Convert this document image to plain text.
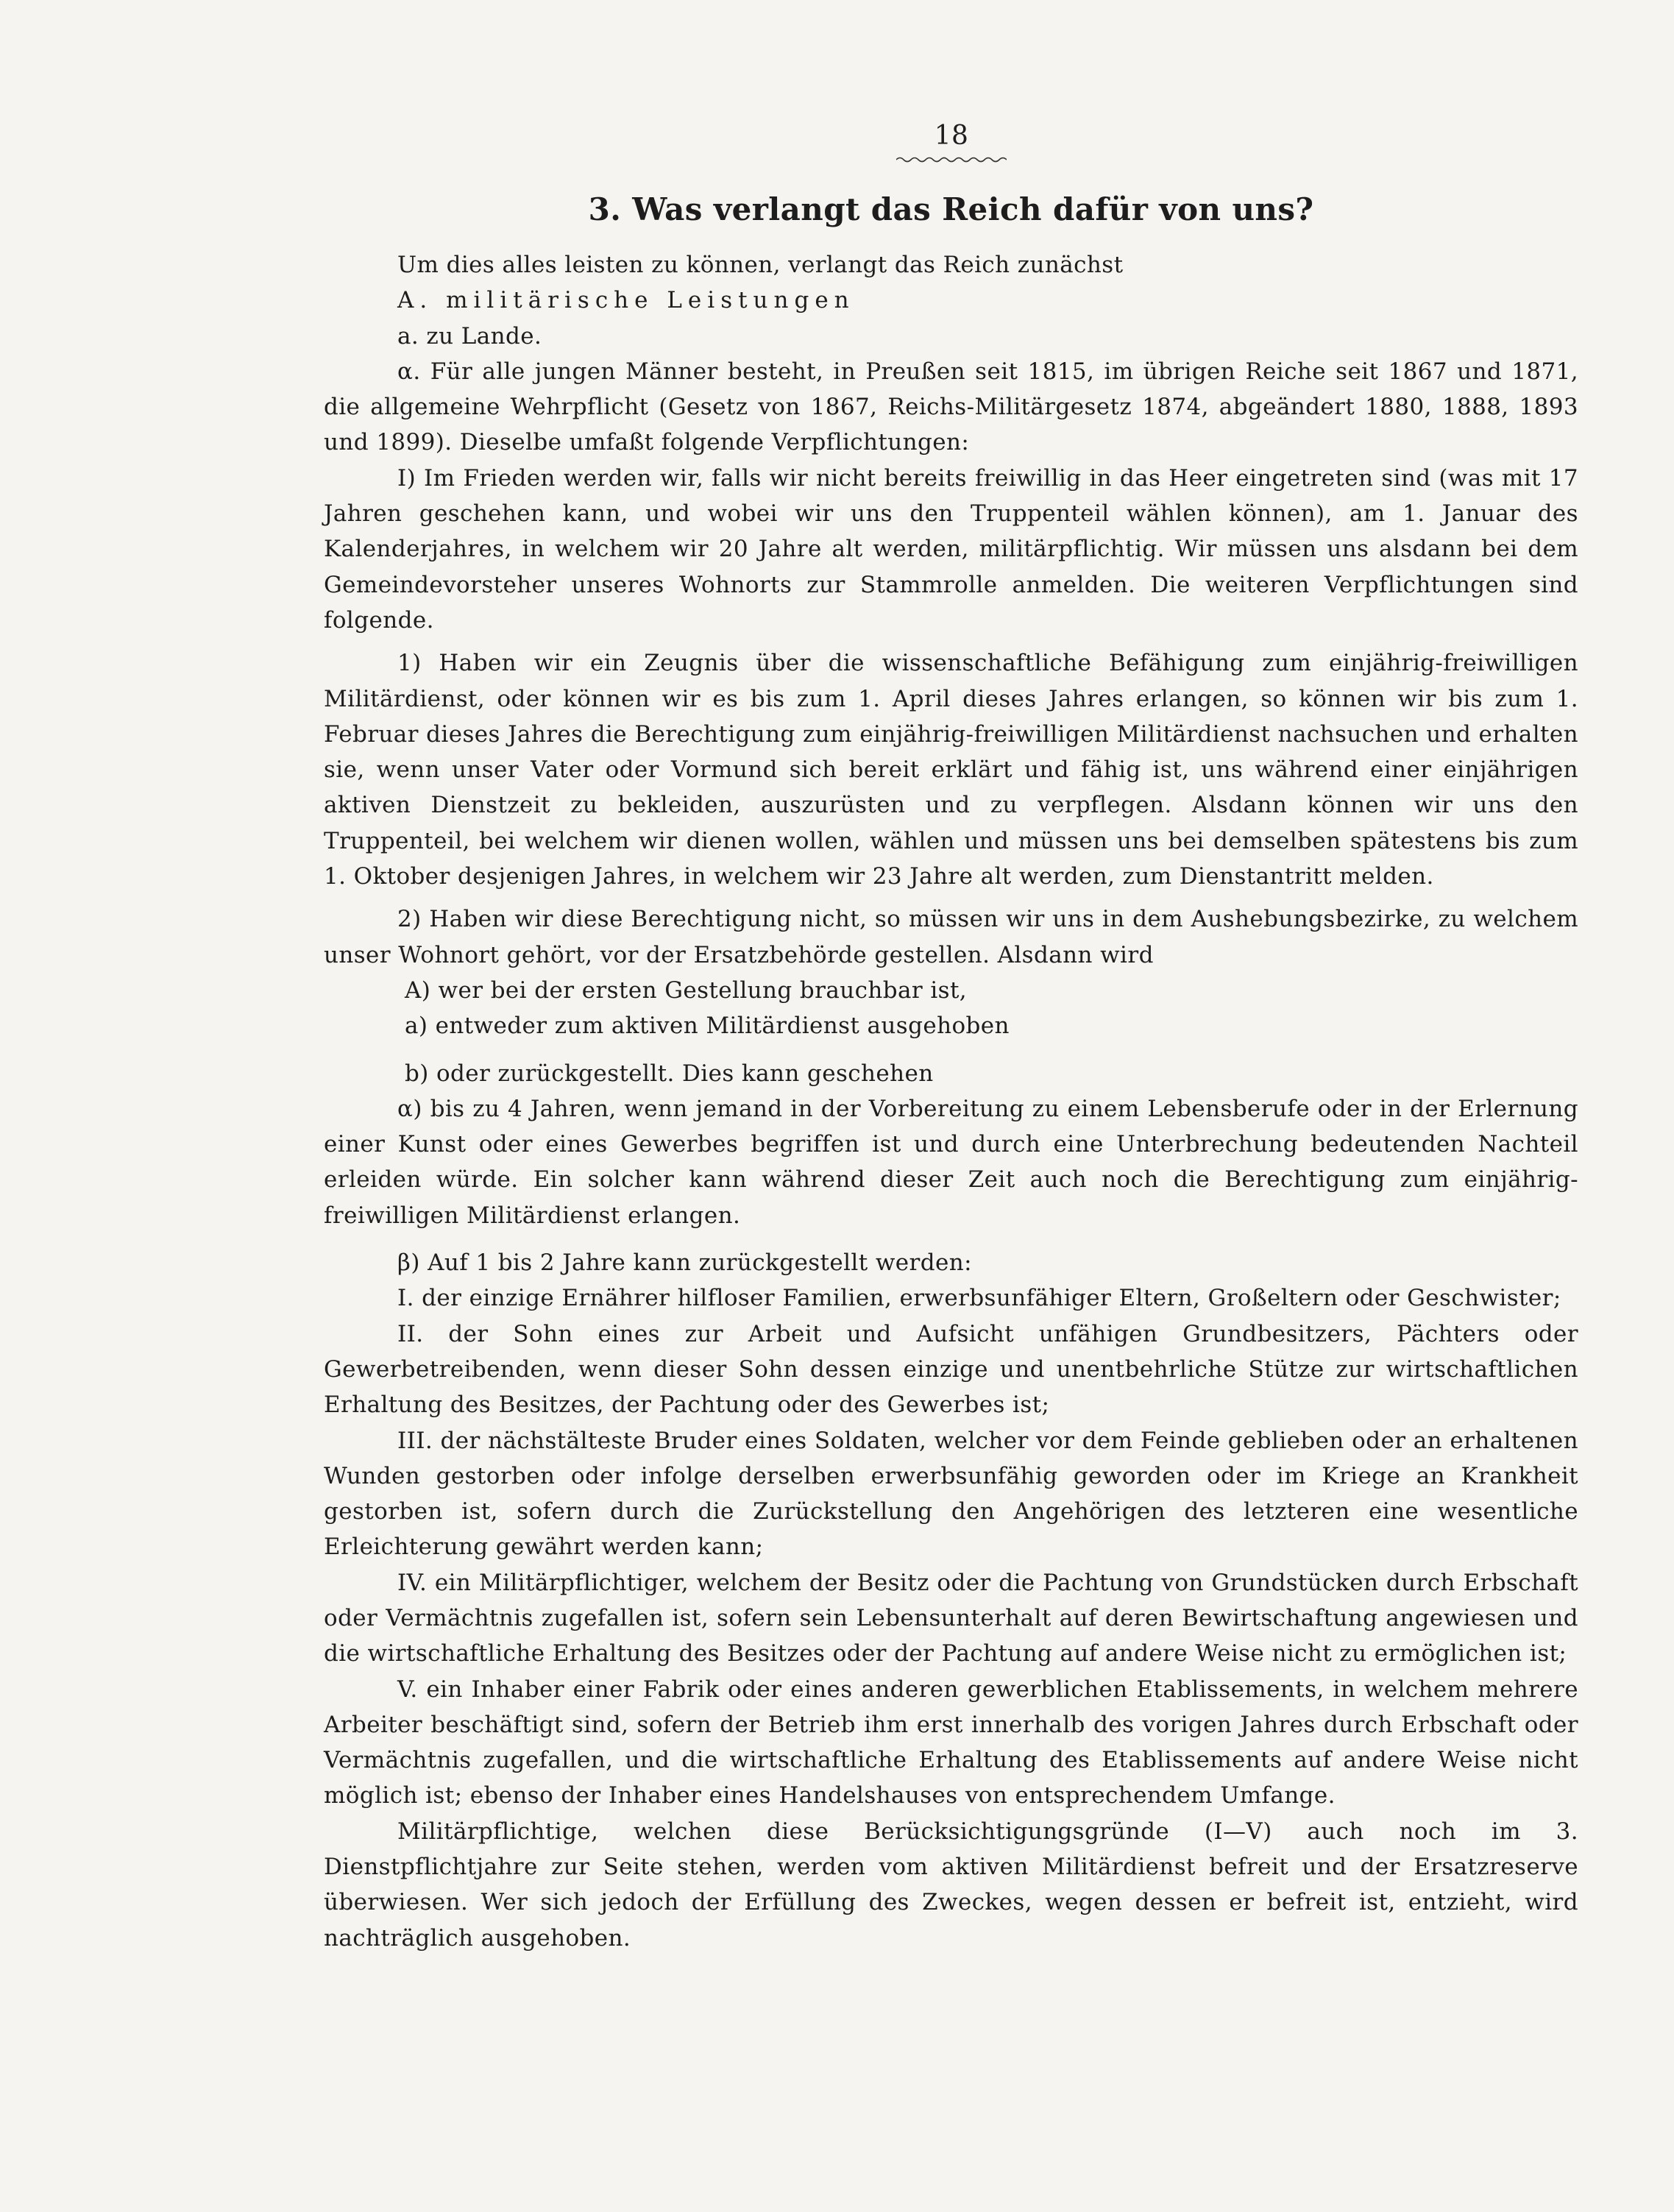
18
3. Was verlangt das Reich dafür von uns?

Um dies alles leisten zu können, verlangt das Reich zunächst

A. militärische Leistungen

a. zu Lande.

α. Für alle jungen Männer besteht, in Preußen seit 1815, im übrigen Reiche seit 1867 und 1871, die allgemeine Wehrpflicht (Gesetz von 1867, Reichs-Militärgesetz 1874, abgeändert 1880, 1888, 1893 und 1899). Dieselbe umfaßt folgende Verpflichtungen:

I) Im Frieden werden wir, falls wir nicht bereits freiwillig in das Heer eingetreten sind (was mit 17 Jahren geschehen kann, und wobei wir uns den Truppenteil wählen können), am 1. Januar des Kalenderjahres, in welchem wir 20 Jahre alt werden, militärpflichtig. Wir müssen uns alsdann bei dem Gemeindevorsteher unseres Wohnorts zur Stammrolle anmelden. Die weiteren Verpflichtungen sind folgende.

1) Haben wir ein Zeugnis über die wissenschaftliche Befähigung zum einjährig-freiwilligen Militärdienst, oder können wir es bis zum 1. April dieses Jahres erlangen, so können wir bis zum 1. Februar dieses Jahres die Berechtigung zum einjährig-freiwilligen Militärdienst nachsuchen und erhalten sie, wenn unser Vater oder Vormund sich bereit erklärt und fähig ist, uns während einer einjährigen aktiven Dienstzeit zu bekleiden, auszurüsten und zu verpflegen. Alsdann können wir uns den Truppenteil, bei welchem wir dienen wollen, wählen und müssen uns bei demselben spätestens bis zum 1. Oktober desjenigen Jahres, in welchem wir 23 Jahre alt werden, zum Dienstantritt melden.

2) Haben wir diese Berechtigung nicht, so müssen wir uns in dem Aushebungsbezirke, zu welchem unser Wohnort gehört, vor der Ersatzbehörde gestellen. Alsdann wird

A) wer bei der ersten Gestellung brauchbar ist,

a) entweder zum aktiven Militärdienst ausgehoben

b) oder zurückgestellt. Dies kann geschehen

α) bis zu 4 Jahren, wenn jemand in der Vorbereitung zu einem Lebensberufe oder in der Erlernung einer Kunst oder eines Gewerbes begriffen ist und durch eine Unterbrechung bedeutenden Nachteil erleiden würde. Ein solcher kann während dieser Zeit auch noch die Berechtigung zum einjährig-freiwilligen Militärdienst erlangen.

β) Auf 1 bis 2 Jahre kann zurückgestellt werden:

I. der einzige Ernährer hilfloser Familien, erwerbsunfähiger Eltern, Großeltern oder Geschwister;

II. der Sohn eines zur Arbeit und Aufsicht unfähigen Grundbesitzers, Pächters oder Gewerbetreibenden, wenn dieser Sohn dessen einzige und unentbehrliche Stütze zur wirtschaftlichen Erhaltung des Besitzes, der Pachtung oder des Gewerbes ist;

III. der nächstälteste Bruder eines Soldaten, welcher vor dem Feinde geblieben oder an erhaltenen Wunden gestorben oder infolge derselben erwerbsunfähig geworden oder im Kriege an Krankheit gestorben ist, sofern durch die Zurückstellung den Angehörigen des letzteren eine wesentliche Erleichterung gewährt werden kann;

IV. ein Militärpflichtiger, welchem der Besitz oder die Pachtung von Grundstücken durch Erbschaft oder Vermächtnis zugefallen ist, sofern sein Lebensunterhalt auf deren Bewirtschaftung angewiesen und die wirtschaftliche Erhaltung des Besitzes oder der Pachtung auf andere Weise nicht zu ermöglichen ist;

V. ein Inhaber einer Fabrik oder eines anderen gewerblichen Etablissements, in welchem mehrere Arbeiter beschäftigt sind, sofern der Betrieb ihm erst innerhalb des vorigen Jahres durch Erbschaft oder Vermächtnis zugefallen, und die wirtschaftliche Erhaltung des Etablissements auf andere Weise nicht möglich ist; ebenso der Inhaber eines Handelshauses von entsprechendem Umfange.

Militärpflichtige, welchen diese Berücksichtigungsgründe (I—V) auch noch im 3. Dienstpflichtjahre zur Seite stehen, werden vom aktiven Militärdienst befreit und der Ersatzreserve überwiesen. Wer sich jedoch der Erfüllung des Zweckes, wegen dessen er befreit ist, entzieht, wird nachträglich ausgehoben.
